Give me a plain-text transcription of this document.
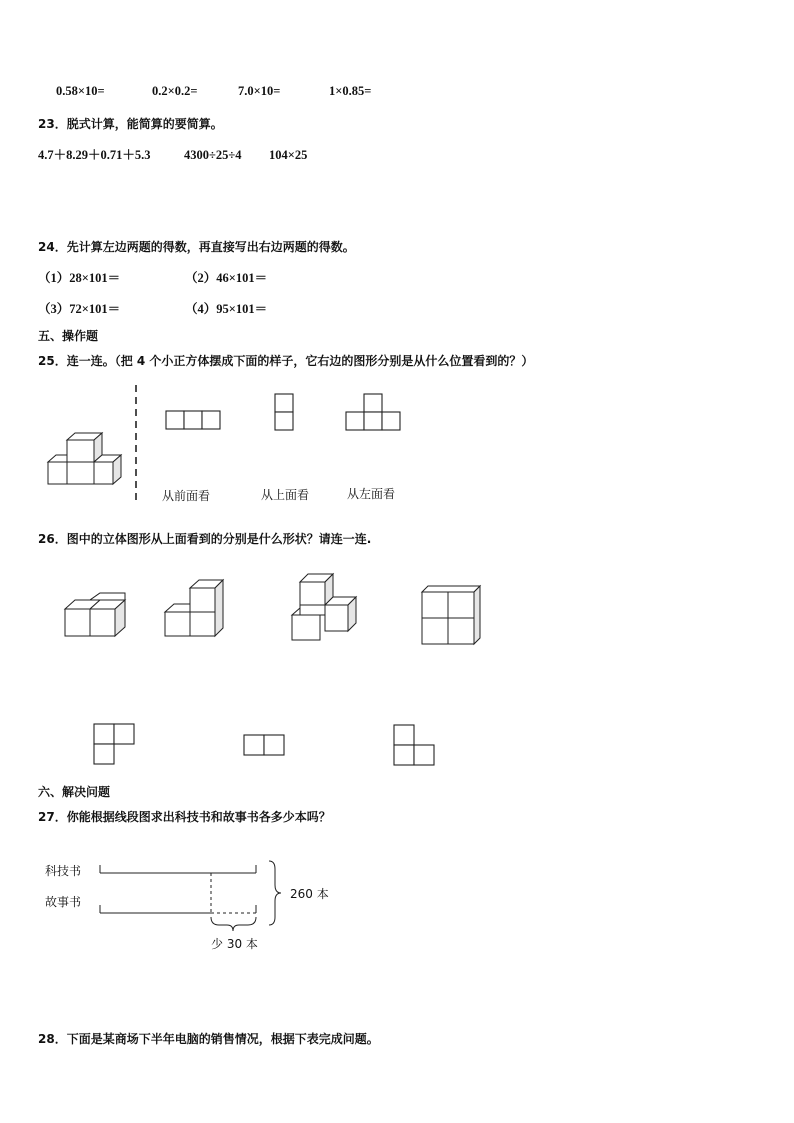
0.58×10=	0.2×0.2=	7.0×10=	1×0.85=
23．脱式计算，能简算的要简算。
4.7＋8.29＋0.71＋5.3	4300÷25÷4 104×25
24．先计算左边两题的得数，再直接写出右边两题的得数。
（1）28×101＝	（2）46×101＝
（3）72×101＝	（4）95×101＝
五、操作题
25．连一连。（把 4 个小正方体摆成下面的样子，它右边的图形分别是从什么位置看到的？）
从前面看	从上面看	从左面看
26．图中的立体图形从上面看到的分别是什么形状？请连一连.
六、解决问题
27．你能根据线段图求出科技书和故事书各多少本吗？
科技书
故事书
260 本
少 30 本
28．下面是某商场下半年电脑的销售情况，根据下表完成问题。
